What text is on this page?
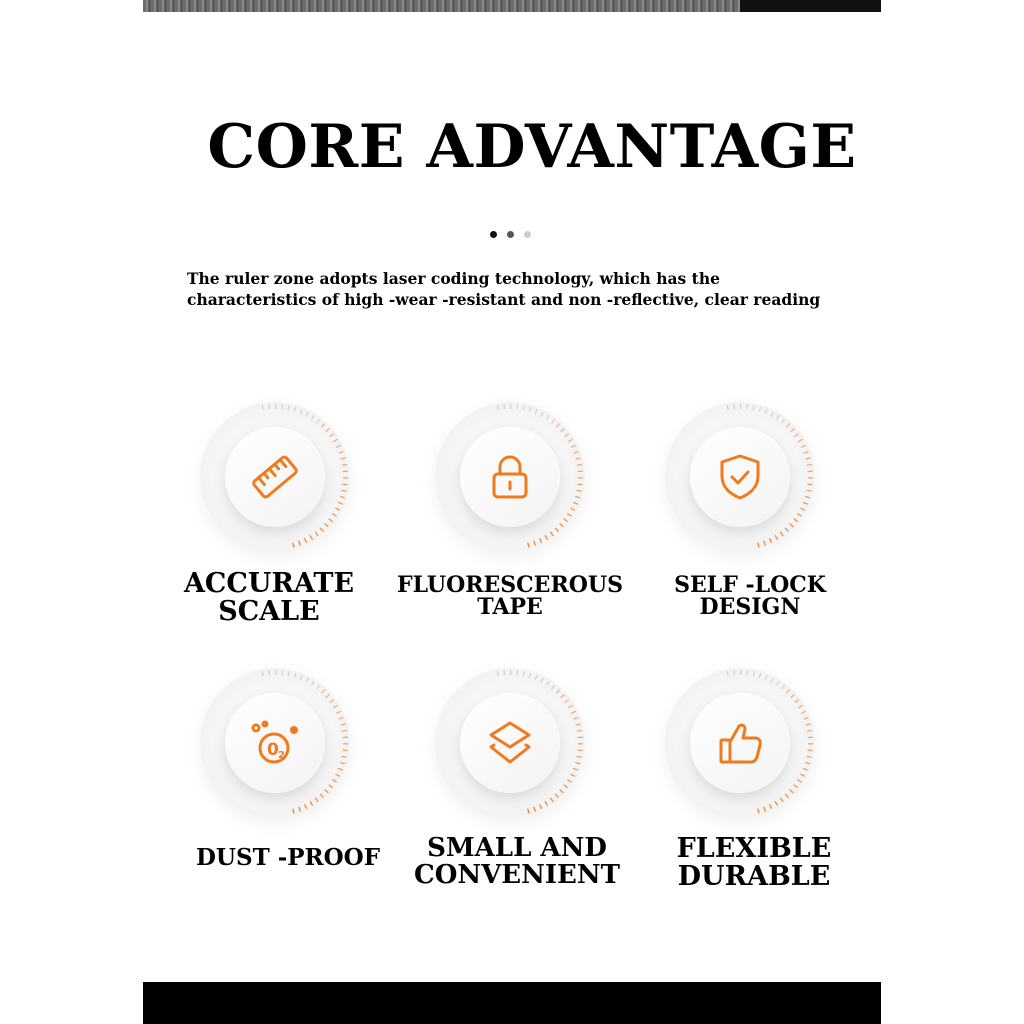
CORE ADVANTAGE
The ruler zone adopts laser coding technology, which has the
characteristics of high -wear -resistant and non -reflective, clear reading
ACCURATE
SCALE
FLUORESCEROUS
TAPE
SELF -LOCK
DESIGN
0 2
DUST -PROOF	SMALL AND
CONVENIENT
FLEXIBLE
DURABLE
